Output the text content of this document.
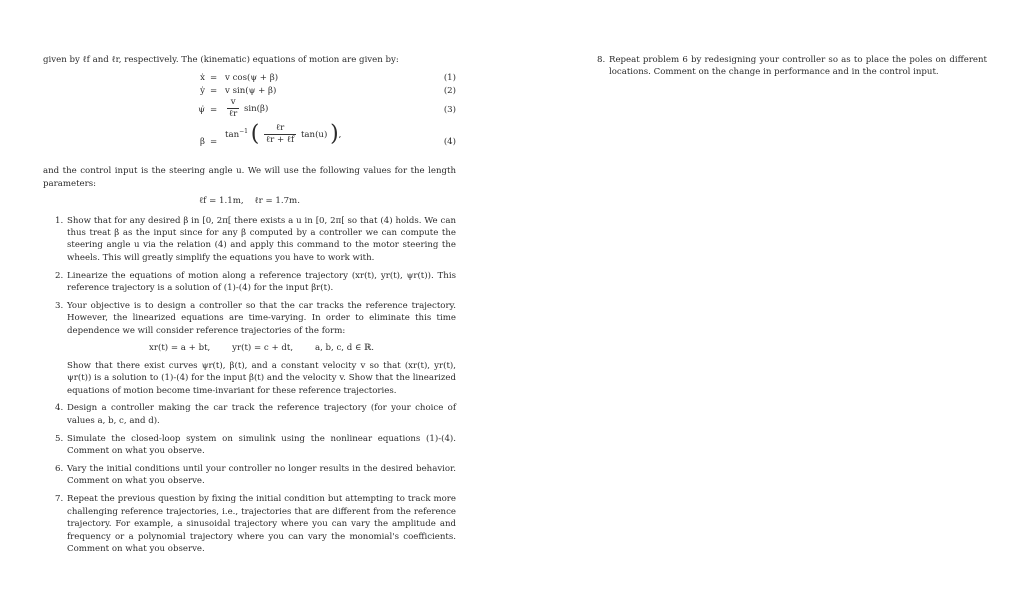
given by ℓf and ℓr, respectively. The (kinematic) equations of motion are given by:

ẋ = v cos(ψ + β)	(1)
ẏ = v sin(ψ + β)	(2)
ψ̇ = $\frac{v}{\text{ℓr}} \sin(\beta)$	(3)
β =
$\tan^{-1}$ ( $\frac{\text{ℓr}}{\text{ℓr + ℓf}} \tan(u)$ ),
(4)

and the control input is the steering angle u. We will use the following values for the length parameters:

ℓf = 1.1m,    ℓr = 1.7m.
1. Show that for any desired β in [0, 2π[ there exists a u in [0, 2π[ so that (4) holds. We can thus treat β as the input since for any β computed by a controller we can compute the steering angle u via the relation (4) and apply this command to the motor steering the wheels. This will greatly simplify the equations you have to work with.

2. Linearize the equations of motion along a reference trajectory (xr(t), yr(t), ψr(t)). This reference trajectory is a solution of (1)-(4) for the input βr(t).

3. Your objective is to design a controller so that the car tracks the reference trajectory. However, the linearized equations are time-varying. In order to eliminate this time dependence we will consider reference trajectories of the form:

xr(t) = a + bt,        yr(t) = c + dt,        a, b, c, d ∈ ℝ.

Show that there exist curves ψr(t), β(t), and a constant velocity v so that (xr(t), yr(t), ψr(t)) is a solution to (1)-(4) for the input β(t) and the velocity v. Show that the linearized equations of motion become time-invariant for these reference trajectories.

4. Design a controller making the car track the reference trajectory (for your choice of values a, b, c, and d).

5. Simulate the closed-loop system on simulink using the nonlinear equations (1)-(4). Comment on what you observe.

6. Vary the initial conditions until your controller no longer results in the desired behavior. Comment on what you observe.

7. Repeat the previous question by fixing the initial condition but attempting to track more challenging reference trajectories, i.e., trajectories that are different from the reference trajectory. For example, a sinusoidal trajectory where you can vary the amplitude and frequency or a polynomial trajectory where you can vary the monomial's coefficients. Comment on what you observe.

8. Repeat problem 6 by redesigning your controller so as to place the poles on different locations. Comment on the change in performance and in the control input.
